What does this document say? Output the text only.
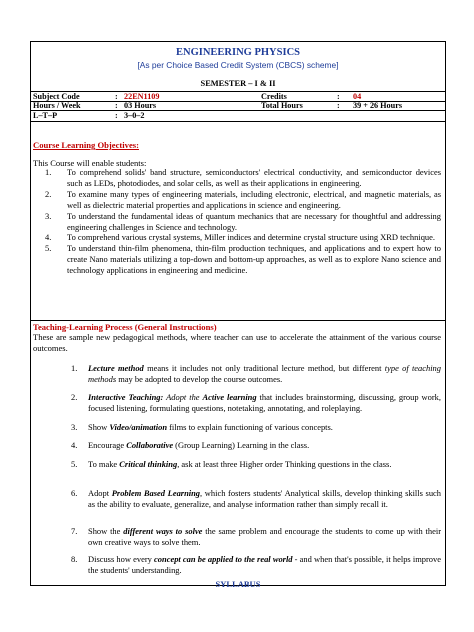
ENGINEERING PHYSICS
[As per Choice Based Credit System (CBCS) scheme]
SEMESTER – I & II
Subject Code	: 22EN1109	Credits	: 04
Hours / Week	: 03 Hours	Total Hours	: 39 + 26 Hours
L–T–P	: 3–0–2
Course Learning Objectives:
This Course will enable students:
1. To comprehend solids' band structure, semiconductors' electrical conductivity, and semiconductor devices such as LEDs, photodiodes, and solar cells, as well as their applications in engineering.
2. To examine many types of engineering materials, including electronic, electrical, and magnetic materials, as well as dielectric material properties and applications in science and engineering.
3. To understand the fundamental ideas of quantum mechanics that are necessary for thoughtful and addressing engineering challenges in Science and technology.
4. To comprehend various crystal systems, Miller indices and determine crystal structure using XRD technique.
5. To understand thin-film phenomena, thin-film production techniques, and applications and to expert how to create Nano materials utilizing a top-down and bottom-up approaches, as well as to explore Nano science and technology applications in engineering and medicine.
Teaching-Learning Process (General Instructions)
These are sample new pedagogical methods, where teacher can use to accelerate the attainment of the various course outcomes.
1. Lecture method means it includes not only traditional lecture method, but different type of teaching methods may be adopted to develop the course outcomes.
2. Interactive Teaching: Adopt the Active learning that includes brainstorming, discussing, group work, focused listening, formulating questions, notetaking, annotating, and roleplaying.
3. Show Video/animation films to explain functioning of various concepts.
4. Encourage Collaborative (Group Learning) Learning in the class.
5. To make Critical thinking, ask at least three Higher order Thinking questions in the class.
6. Adopt Problem Based Learning, which fosters students' Analytical skills, develop thinking skills such as the ability to evaluate, generalize, and analyse information rather than simply recall it.
7. Show the different ways to solve the same problem and encourage the students to come up with their own creative ways to solve them.
8. Discuss how every concept can be applied to the real world - and when that's possible, it helps improve the students' understanding.
SYLLABUS
